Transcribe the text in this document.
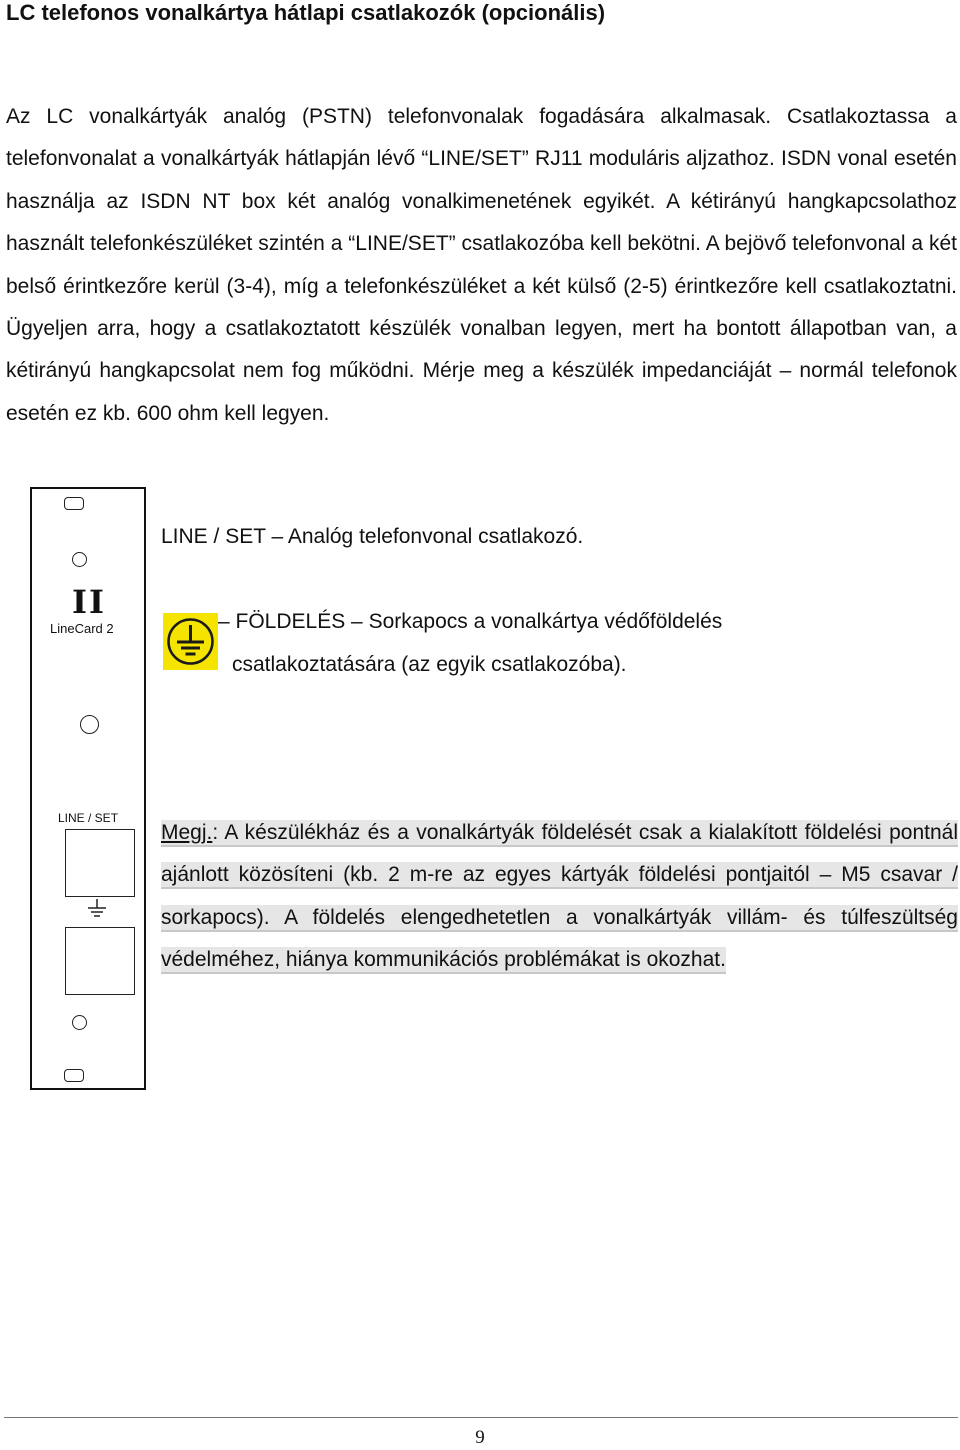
LC telefonos vonalkártya hátlapi csatlakozók (opcionális)

Az LC vonalkártyák analóg (PSTN) telefonvonalak fogadására alkalmasak. Csatlakoztassa a telefonvonalat a vonalkártyák hátlapján lévő “LINE/SET” RJ11 moduláris aljzathoz. ISDN vonal esetén használja az ISDN NT box két analóg vonalkimenetének egyikét. A kétirányú hangkapcsolathoz használt telefonkészüléket szintén a “LINE/SET” csatlakozóba kell bekötni. A bejövő telefonvonal a két belső érintkezőre kerül (3-4), míg a telefonkészüléket a két külső (2-5) érintkezőre kell csatlakoztatni. Ügyeljen arra, hogy a csatlakoztatott készülék vonalban legyen, mert ha bontott állapotban van, a kétirányú hangkapcsolat nem fog működni. Mérje meg a készülék impedanciáját – normál telefonok esetén ez kb. 600 ohm kell legyen.

II
LineCard 2
LINE / SET

LINE / SET – Analóg telefonvonal csatlakozó.

– FÖLDELÉS – Sorkapocs a vonalkártya védőföldelés
csatlakoztatására (az egyik csatlakozóba).

Megj.: A készülékház és a vonalkártyák földelését csak a kialakított földelési pontnál ajánlott közösíteni (kb. 2 m-re az egyes kártyák földelési pontjaitól – M5 csavar / sorkapocs). A földelés elengedhetetlen a vonalkártyák villám- és túlfeszültség védelméhez, hiánya kommunikációs problémákat is okozhat.

9
